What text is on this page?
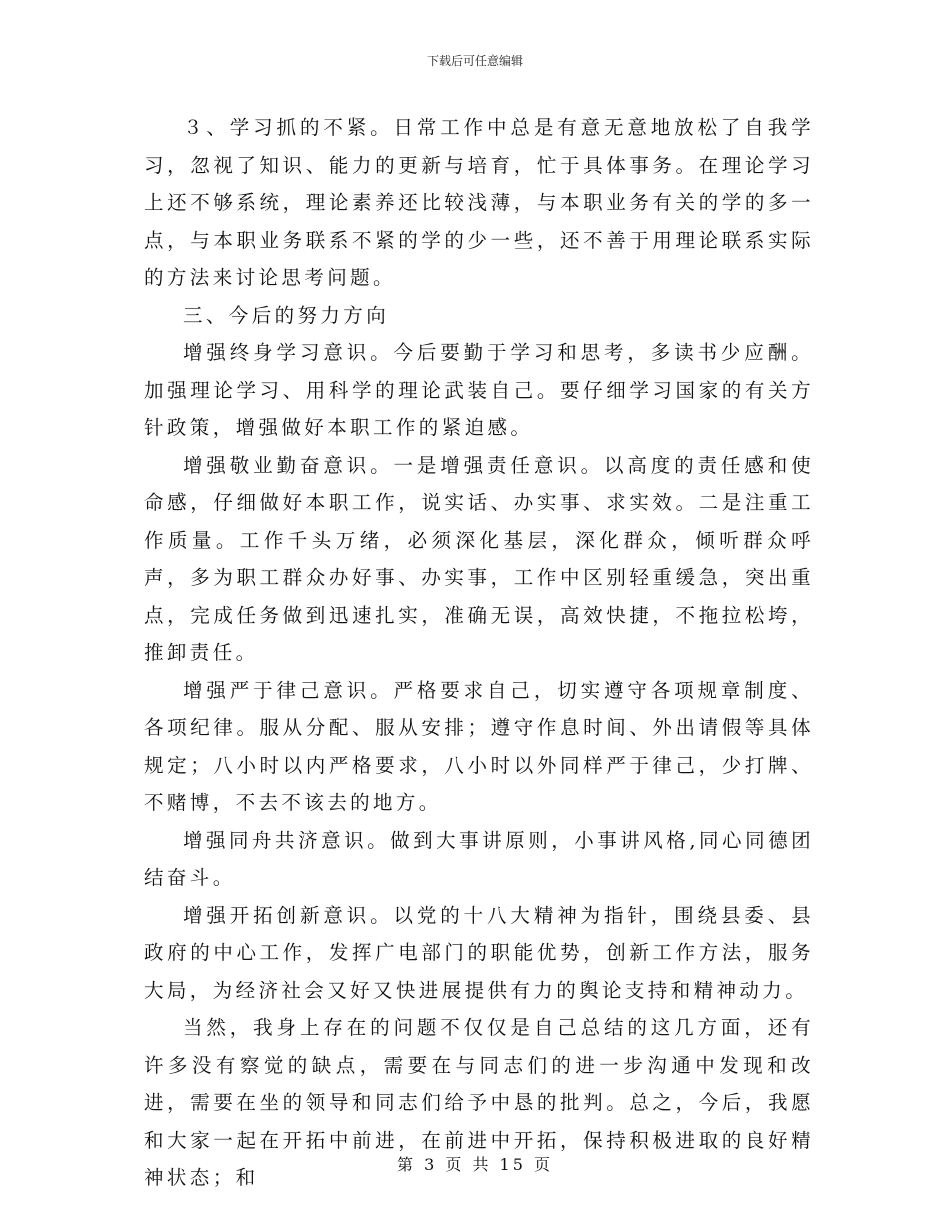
下载后可任意编辑

３、学习抓的不紧。日常工作中总是有意无意地放松了自我学习，忽视了知识、能力的更新与培育，忙于具体事务。在理论学习上还不够系统，理论素养还比较浅薄，与本职业务有关的学的多一点，与本职业务联系不紧的学的少一些，还不善于用理论联系实际的方法来讨论思考问题。

三、今后的努力方向

增强终身学习意识。今后要勤于学习和思考，多读书少应酬。加强理论学习、用科学的理论武装自己。要仔细学习国家的有关方针政策，增强做好本职工作的紧迫感。

增强敬业勤奋意识。一是增强责任意识。以高度的责任感和使命感，仔细做好本职工作，说实话、办实事、求实效。二是注重工作质量。工作千头万绪，必须深化基层，深化群众，倾听群众呼声，多为职工群众办好事、办实事，工作中区别轻重缓急，突出重点，完成任务做到迅速扎实，准确无误，高效快捷，不拖拉松垮，推卸责任。

增强严于律己意识。严格要求自己，切实遵守各项规章制度、各项纪律。服从分配、服从安排；遵守作息时间、外出请假等具体规定；八小时以内严格要求，八小时以外同样严于律己，少打牌、不赌博，不去不该去的地方。

增强同舟共济意识。做到大事讲原则，小事讲风格,同心同德团结奋斗。

增强开拓创新意识。以党的十八大精神为指针，围绕县委、县政府的中心工作，发挥广电部门的职能优势，创新工作方法，服务大局，为经济社会又好又快进展提供有力的舆论支持和精神动力。

当然，我身上存在的问题不仅仅是自己总结的这几方面，还有许多没有察觉的缺点，需要在与同志们的进一步沟通中发现和改进，需要在坐的领导和同志们给予中恳的批判。总之，今后，我愿和大家一起在开拓中前进，在前进中开拓，保持积极进取的良好精神状态；和

第 3 页 共 15 页
